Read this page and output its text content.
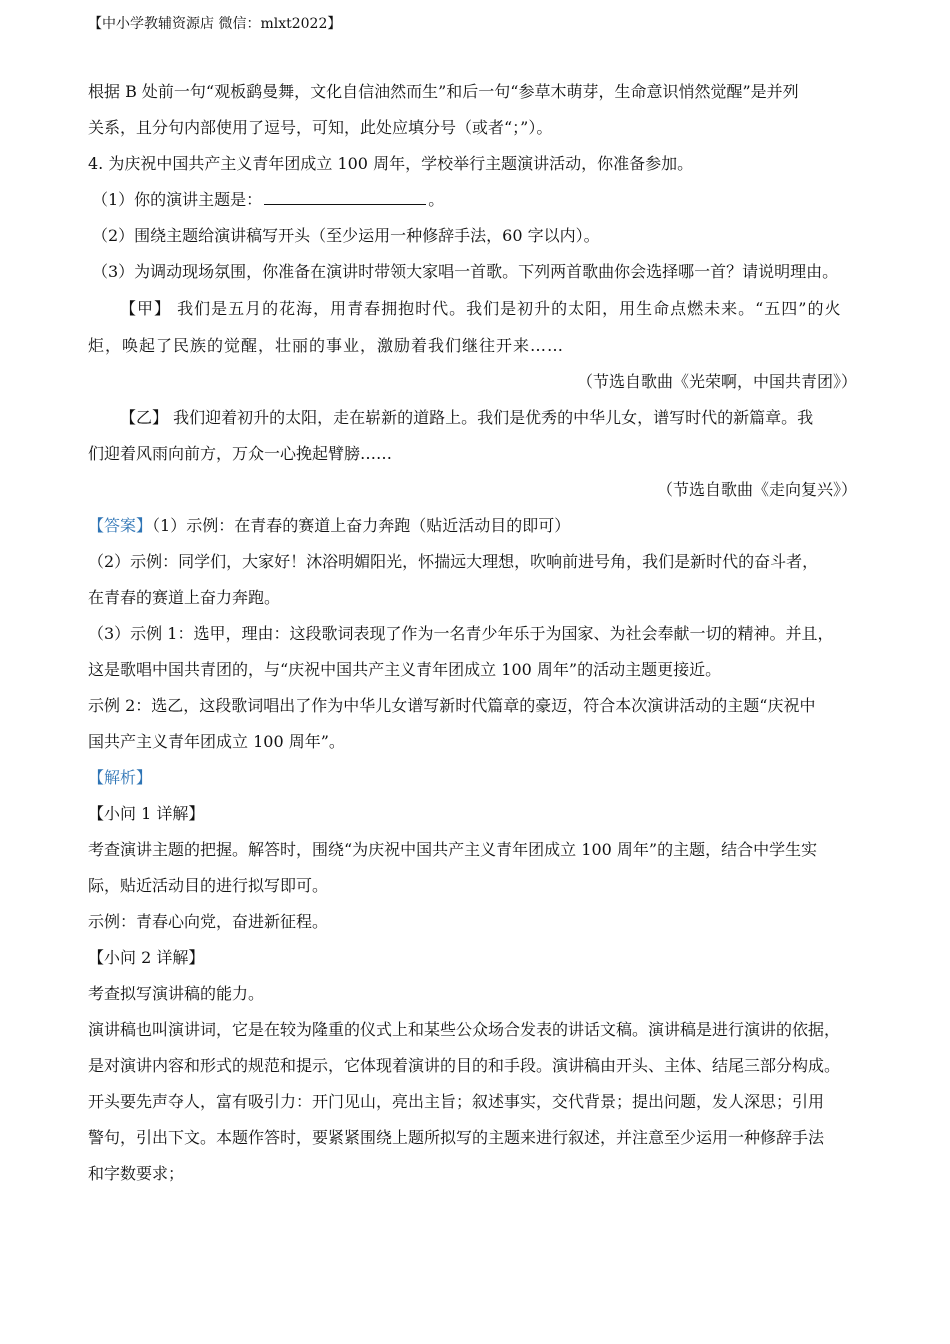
【中小学教辅资源店 微信：mlxt2022】
根据 B 处前一句“观板鹞曼舞，文化自信油然而生”和后一句“参草木萌芽，生命意识悄然觉醒”是并列
关系，且分句内部使用了逗号，可知，此处应填分号（或者“；”）。
4. 为庆祝中国共产主义青年团成立 100 周年，学校举行主题演讲活动，你准备参加。
（1）你的演讲主题是：	。
（2）围绕主题给演讲稿写开头（至少运用一种修辞手法，60 字以内）。
（3）为调动现场氛围，你准备在演讲时带领大家唱一首歌。下列两首歌曲你会选择哪一首？请说明理由。
【甲】 我们是五月的花海，用青春拥抱时代。我们是初升的太阳，用生命点燃未来。“五四”的火
炬，唤起了民族的觉醒，壮丽的事业，激励着我们继往开来……
（节选自歌曲《光荣啊，中国共青团》）
【乙】 我们迎着初升的太阳，走在崭新的道路上。我们是优秀的中华儿女，谱写时代的新篇章。我
们迎着风雨向前方，万众一心挽起臂膀……
（节选自歌曲《走向复兴》）
【答案】（1）示例：在青春的赛道上奋力奔跑（贴近活动目的即可）
（2）示例：同学们，大家好！沐浴明媚阳光，怀揣远大理想，吹响前进号角，我们是新时代的奋斗者，
在青春的赛道上奋力奔跑。
（3）示例 1：选甲，理由：这段歌词表现了作为一名青少年乐于为国家、为社会奉献一切的精神。并且，
这是歌唱中国共青团的，与“庆祝中国共产主义青年团成立 100 周年”的活动主题更接近。
示例 2：选乙，这段歌词唱出了作为中华儿女谱写新时代篇章的豪迈，符合本次演讲活动的主题“庆祝中
国共产主义青年团成立 100 周年”。
【解析】
【小问 1 详解】
考查演讲主题的把握。解答时，围绕“为庆祝中国共产主义青年团成立 100 周年”的主题，结合中学生实
际，贴近活动目的进行拟写即可。
示例：青春心向党，奋进新征程。
【小问 2 详解】
考查拟写演讲稿的能力。
演讲稿也叫演讲词，它是在较为隆重的仪式上和某些公众场合发表的讲话文稿。演讲稿是进行演讲的依据，
是对演讲内容和形式的规范和提示，它体现着演讲的目的和手段。演讲稿由开头、主体、结尾三部分构成。
开头要先声夺人，富有吸引力：开门见山，亮出主旨；叙述事实，交代背景；提出问题，发人深思；引用
警句，引出下文。本题作答时，要紧紧围绕上题所拟写的主题来进行叙述，并注意至少运用一种修辞手法
和字数要求；
